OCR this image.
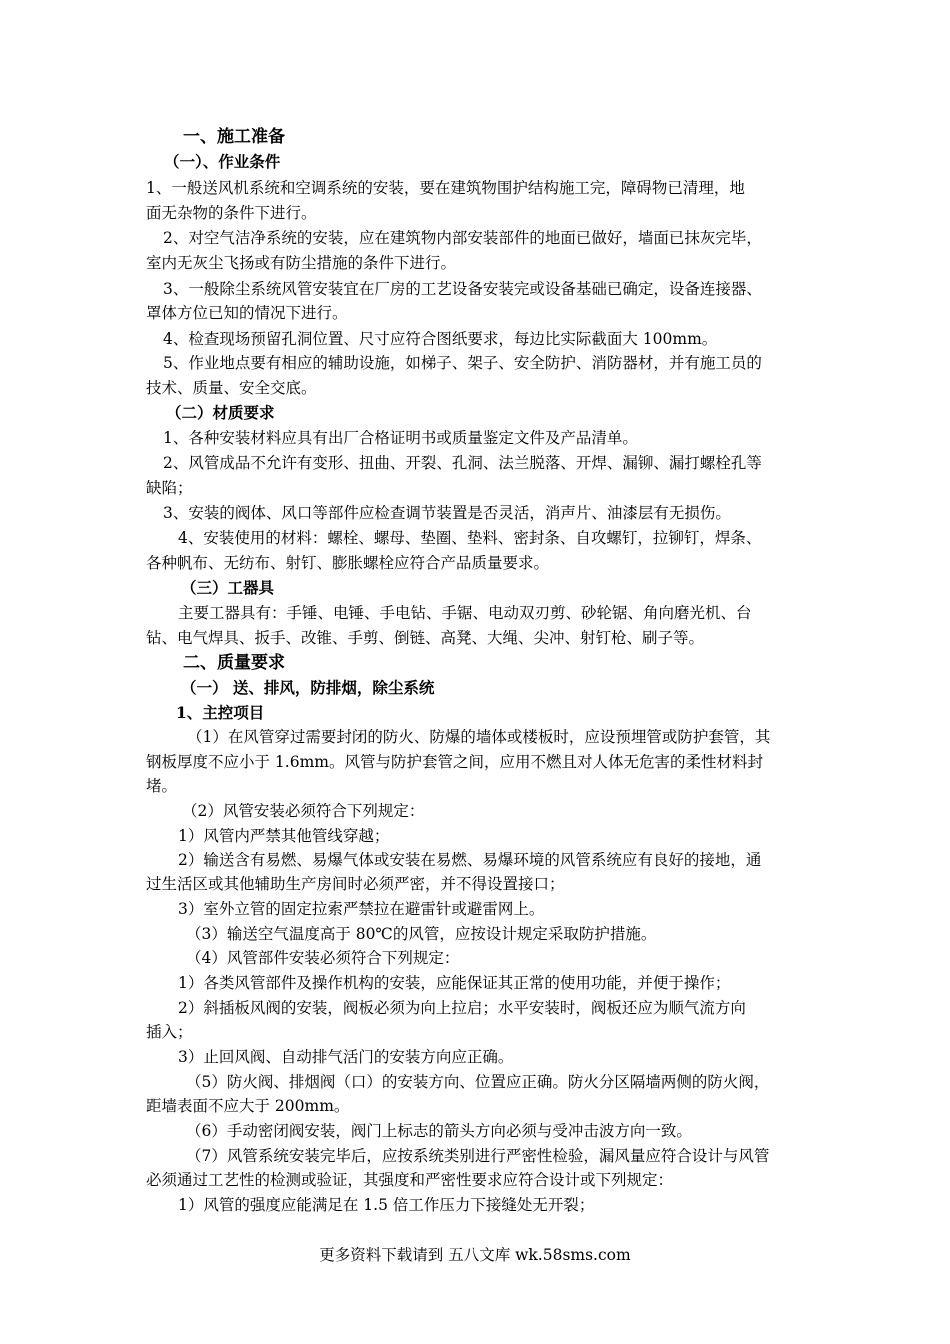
一、施工准备
（一）、作业条件
1、一般送风机系统和空调系统的安装，要在建筑物围护结构施工完，障碍物已清理，地
面无杂物的条件下进行。
2、对空气洁净系统的安装，应在建筑物内部安装部件的地面已做好，墙面已抹灰完毕，
室内无灰尘飞扬或有防尘措施的条件下进行。
3、一般除尘系统风管安装宜在厂房的工艺设备安装完或设备基础已确定，设备连接器、
罩体方位已知的情况下进行。
4、检查现场预留孔洞位置、尺寸应符合图纸要求，每边比实际截面大 100mm。
5、作业地点要有相应的辅助设施，如梯子、架子、安全防护、消防器材，并有施工员的
技术、质量、安全交底。
（二）材质要求
1、各种安装材料应具有出厂合格证明书或质量鉴定文件及产品清单。
2、风管成品不允许有变形、扭曲、开裂、孔洞、法兰脱落、开焊、漏铆、漏打螺栓孔等
缺陷；
3、安装的阀体、风口等部件应检查调节装置是否灵活，消声片、油漆层有无损伤。
4、安装使用的材料：螺栓、螺母、垫圈、垫料、密封条、自攻螺钉，拉铆钉，焊条、
各种帆布、无纺布、射钉、膨胀螺栓应符合产品质量要求。
（三）工器具
主要工器具有：手锤、电锤、手电钻、手锯、电动双刃剪、砂轮锯、角向磨光机、台
钻、电气焊具、扳手、改锥、手剪、倒链、高凳、大绳、尖冲、射钉枪、刷子等。
二、质量要求
（一） 送、排风，防排烟，除尘系统
1、主控项目
（1）在风管穿过需要封闭的防火、防爆的墙体或楼板时，应设预埋管或防护套管，其
钢板厚度不应小于 1.6mm。风管与防护套管之间，应用不燃且对人体无危害的柔性材料封
堵。
（2）风管安装必须符合下列规定：
1）风管内严禁其他管线穿越；
2）输送含有易燃、易爆气体或安装在易燃、易爆环境的风管系统应有良好的接地，通
过生活区或其他辅助生产房间时必须严密，并不得设置接口；
3）室外立管的固定拉索严禁拉在避雷针或避雷网上。
（3）输送空气温度高于 80℃的风管，应按设计规定采取防护措施。
（4）风管部件安装必须符合下列规定：
1）各类风管部件及操作机构的安装，应能保证其正常的使用功能，并便于操作；
2）斜插板风阀的安装，阀板必须为向上拉启；水平安装时，阀板还应为顺气流方向
插入；
3）止回风阀、自动排气活门的安装方向应正确。
（5）防火阀、排烟阀（口）的安装方向、位置应正确。防火分区隔墙两侧的防火阀，
距墙表面不应大于 200mm。
（6）手动密闭阀安装，阀门上标志的箭头方向必须与受冲击波方向一致。
（7）风管系统安装完毕后，应按系统类别进行严密性检验，漏风量应符合设计与风管
必须通过工艺性的检测或验证，其强度和严密性要求应符合设计或下列规定：
1）风管的强度应能满足在 1.5 倍工作压力下接缝处无开裂；
更多资料下载请到 五八文库 wk.58sms.com
